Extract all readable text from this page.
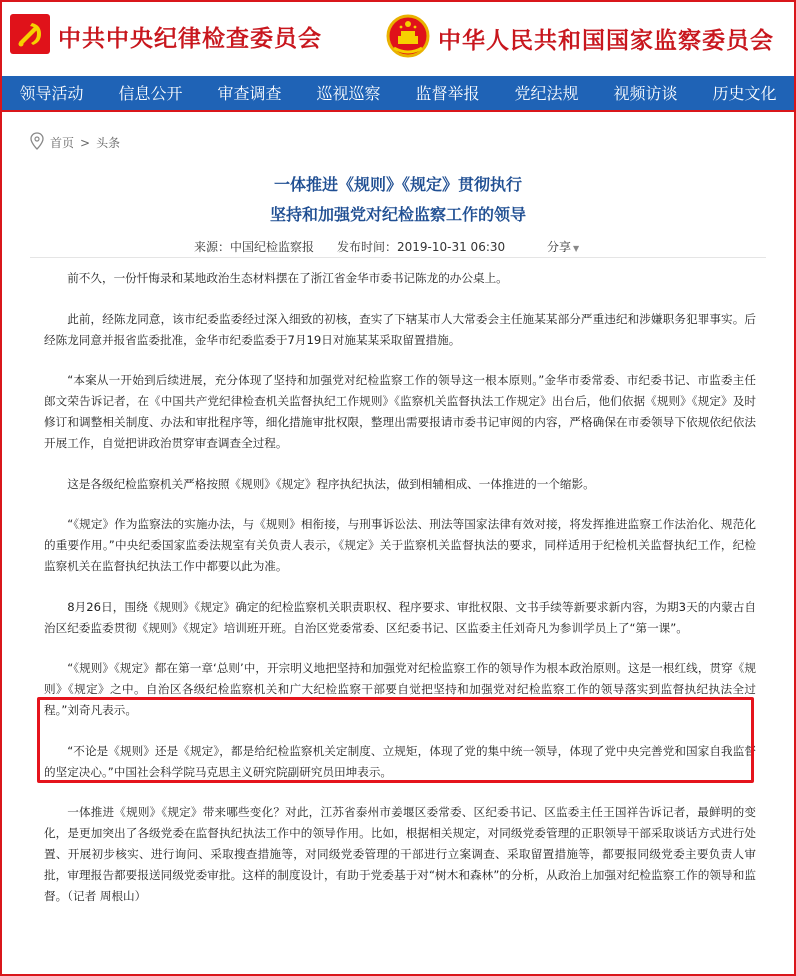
中共中央纪律检查委员会	中华人民共和国国家监察委员会
领导活动	信息公开	审查调查	巡视巡察	监督举报	党纪法规	视频访谈	历史文化
首页 > 头条
一体推进《规则》《规定》贯彻执行
坚持和加强党对纪检监察工作的领导
来源：中国纪检监察报 发布时间：2019-10-31 06:30	分享 ▼

前不久，一份忏悔录和某地政治生态材料摆在了浙江省金华市委书记陈龙的办公桌上。

此前，经陈龙同意，该市纪委监委经过深入细致的初核，查实了下辖某市人大常委会主任施某某部分严重违纪和涉嫌职务犯罪事实。后经陈龙同意并报省监委批准，金华市纪委监委于7月19日对施某某采取留置措施。

“本案从一开始到后续进展，充分体现了坚持和加强党对纪检监察工作的领导这一根本原则。”金华市委常委、市纪委书记、市监委主任郎文荣告诉记者，在《中国共产党纪律检查机关监督执纪工作规则》《监察机关监督执法工作规定》出台后，他们依据《规则》《规定》及时修订和调整相关制度、办法和审批程序等，细化措施审批权限，整理出需要报请市委书记审阅的内容，严格确保在市委领导下依规依纪依法开展工作，自觉把讲政治贯穿审查调查全过程。

这是各级纪检监察机关严格按照《规则》《规定》程序执纪执法，做到相辅相成、一体推进的一个缩影。

“《规定》作为监察法的实施办法，与《规则》相衔接，与刑事诉讼法、刑法等国家法律有效对接，将发挥推进监察工作法治化、规范化的重要作用。”中央纪委国家监委法规室有关负责人表示，《规定》关于监察机关监督执法的要求，同样适用于纪检机关监督执纪工作，纪检监察机关在监督执纪执法工作中都要以此为准。

8月26日，围绕《规则》《规定》确定的纪检监察机关职责职权、程序要求、审批权限、文书手续等新要求新内容，为期3天的内蒙古自治区纪委监委贯彻《规则》《规定》培训班开班。自治区党委常委、区纪委书记、区监委主任刘奇凡为参训学员上了“第一课”。

“《规则》《规定》都在第一章‘总则’中，开宗明义地把坚持和加强党对纪检监察工作的领导作为根本政治原则。这是一根红线，贯穿《规则》《规定》之中。自治区各级纪检监察机关和广大纪检监察干部要自觉把坚持和加强党对纪检监察工作的领导落实到监督执纪执法全过程。”刘奇凡表示。

“不论是《规则》还是《规定》，都是给纪检监察机关定制度、立规矩，体现了党的集中统一领导，体现了党中央完善党和国家自我监督的坚定决心。”中国社会科学院马克思主义研究院副研究员田坤表示。

一体推进《规则》《规定》带来哪些变化？对此，江苏省泰州市姜堰区委常委、区纪委书记、区监委主任王国祥告诉记者，最鲜明的变化，是更加突出了各级党委在监督执纪执法工作中的领导作用。比如，根据相关规定，对同级党委管理的正职领导干部采取谈话方式进行处置、开展初步核实、进行询问、采取搜查措施等，对同级党委管理的干部进行立案调查、采取留置措施等，都要报同级党委主要负责人审批，审理报告都要报送同级党委审批。这样的制度设计，有助于党委基于对“树木和森林”的分析，从政治上加强对纪检监察工作的领导和监督。（记者 周根山）
